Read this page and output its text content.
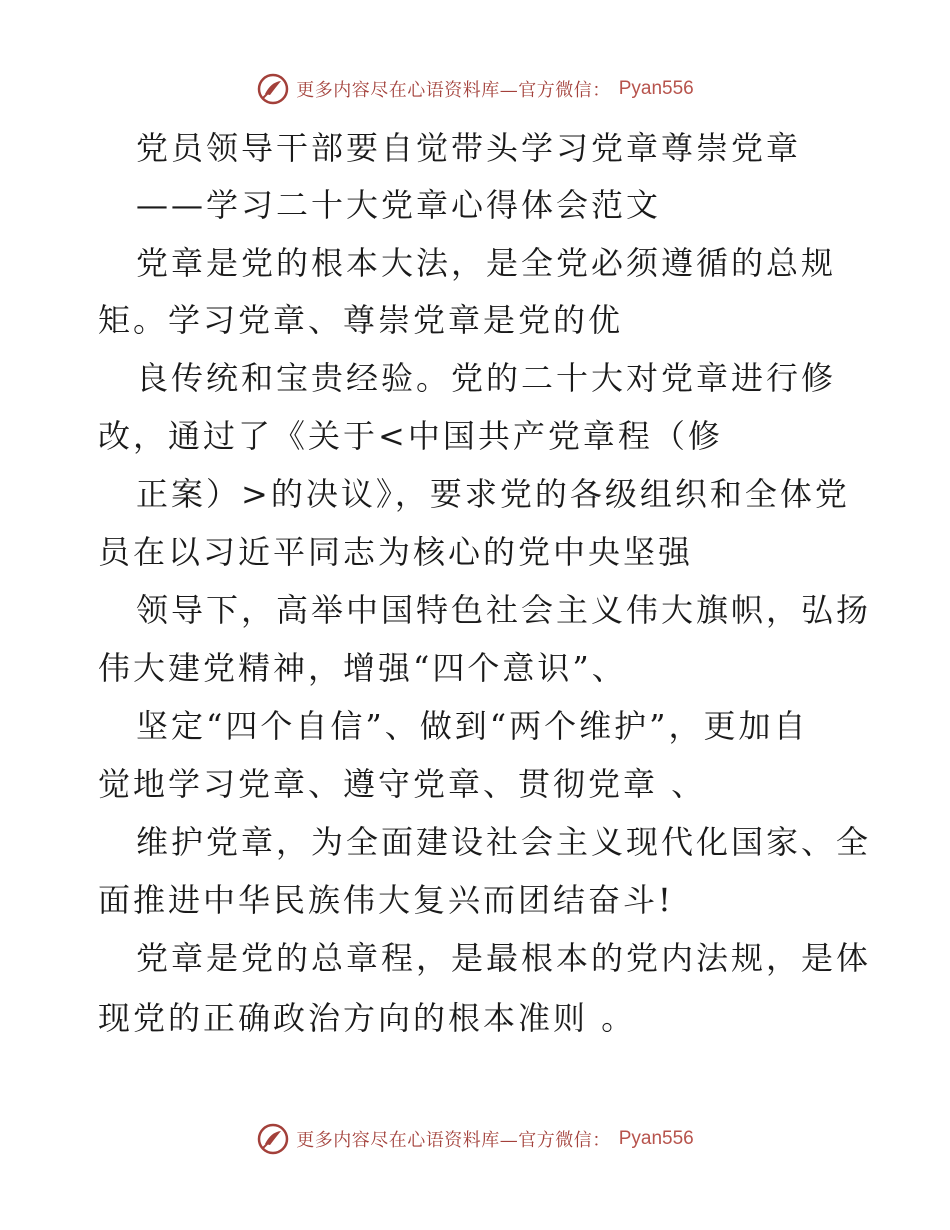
更多内容尽在心语资料库—官方微信： Pyan556
党员领导干部要自觉带头学习党章尊崇党章
——学习二十大党章心得体会范文
党章是党的根本大法，是全党必须遵循的总规
矩。学习党章、尊崇党章是党的优
良传统和宝贵经验。党的二十大对党章进行修
改，通过了《关于<中国共产党章程（修
正案）>的决议》，要求党的各级组织和全体党
员在以习近平同志为核心的党中央坚强
领导下，高举中国特色社会主义伟大旗帜，弘扬
伟大建党精神，增强“四个意识”、
坚定“四个自信”、做到“两个维护”，更加自
觉地学习党章、遵守党章、贯彻党章 、
维护党章，为全面建设社会主义现代化国家、全
面推进中华民族伟大复兴而团结奋斗!
党章是党的总章程，是最根本的党内法规，是体
现党的正确政治方向的根本准则 。
更多内容尽在心语资料库—官方微信： Pyan556
